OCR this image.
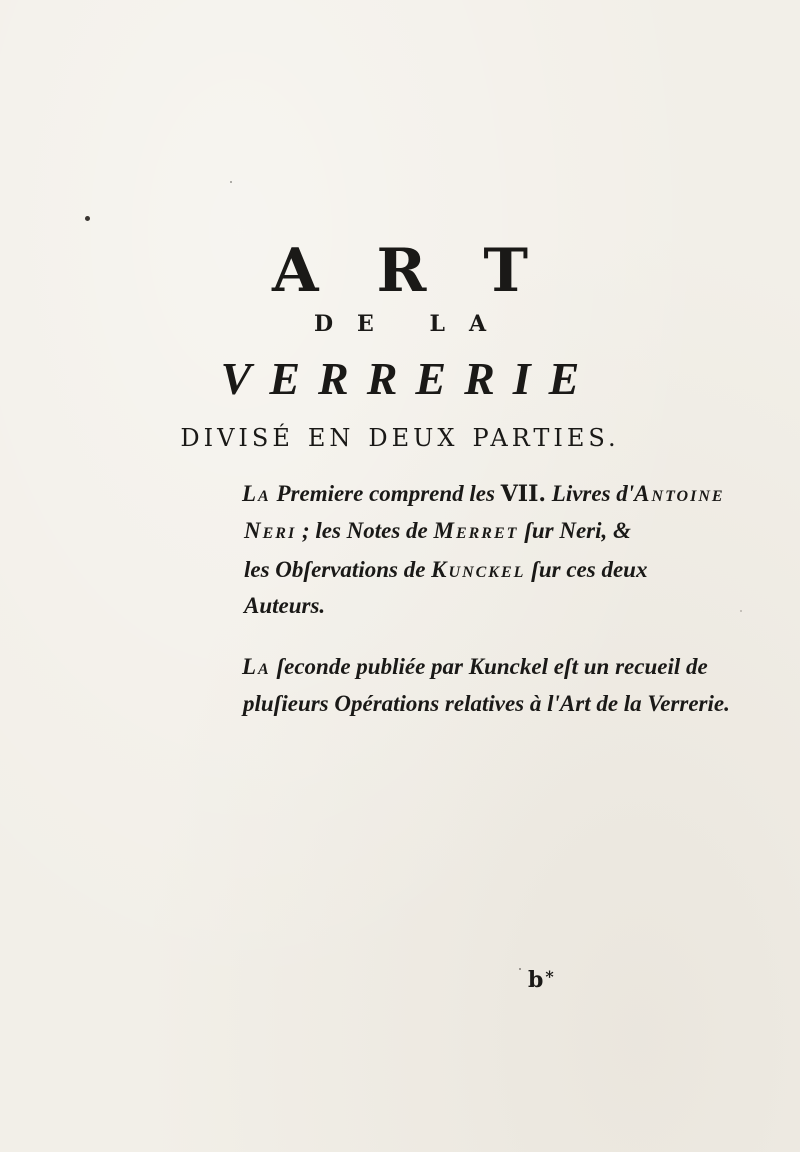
ART
DE LA
VERRERIE
DIVISÉ EN DEUX PARTIES.
La Premiere comprend les VII. Livres d'Antoine
Neri ; les Notes de Merret ſur Neri, &
les Obſervations de Kunckel ſur ces deux
Auteurs.
La ſeconde publiée par Kunckel eſt un recueil de
pluſieurs Opérations relatives à l'Art de la Verrerie.
b *
